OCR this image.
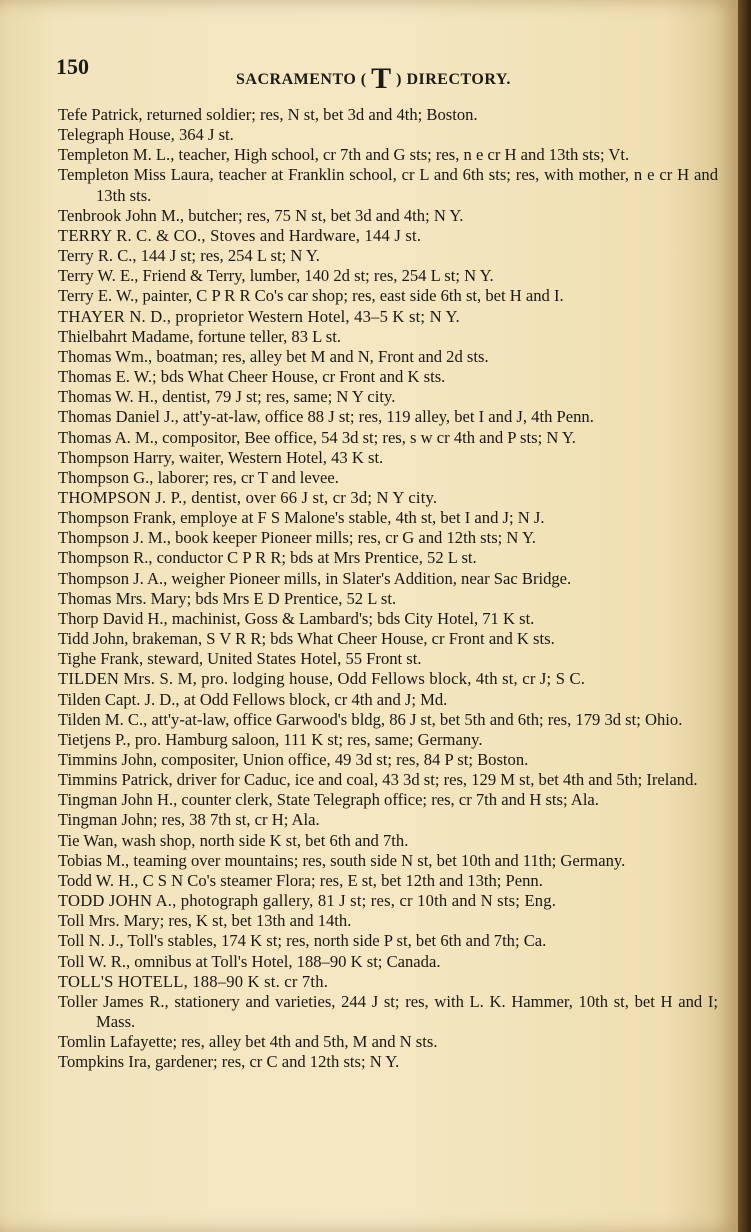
150
SACRAMENTO ( T ) DIRECTORY.
Tefe Patrick, returned soldier; res, N st, bet 3d and 4th; Boston.
Telegraph House, 364 J st.
Templeton M. L., teacher, High school, cr 7th and G sts; res, n e cr H and 13th sts; Vt.
Templeton Miss Laura, teacher at Franklin school, cr L and 6th sts; res, with mother, n e cr H and 13th sts.
Tenbrook John M., butcher; res, 75 N st, bet 3d and 4th; N Y.
TERRY R. C. & CO., Stoves and Hardware, 144 J st.
Terry R. C., 144 J st; res, 254 L st; N Y.
Terry W. E., Friend & Terry, lumber, 140 2d st; res, 254 L st; N Y.
Terry E. W., painter, C P R R Co's car shop; res, east side 6th st, bet H and I.
THAYER N. D., proprietor Western Hotel, 43–5 K st; N Y.
Thielbahrt Madame, fortune teller, 83 L st.
Thomas Wm., boatman; res, alley bet M and N, Front and 2d sts.
Thomas E. W.; bds What Cheer House, cr Front and K sts.
Thomas W. H., dentist, 79 J st; res, same; N Y city.
Thomas Daniel J., att'y-at-law, office 88 J st; res, 119 alley, bet I and J, 4th Penn.
Thomas A. M., compositor, Bee office, 54 3d st; res, s w cr 4th and P sts; N Y.
Thompson Harry, waiter, Western Hotel, 43 K st.
Thompson G., laborer; res, cr T and levee.
THOMPSON J. P., dentist, over 66 J st, cr 3d; N Y city.
Thompson Frank, employe at F S Malone's stable, 4th st, bet I and J; N J.
Thompson J. M., book keeper Pioneer mills; res, cr G and 12th sts; N Y.
Thompson R., conductor C P R R; bds at Mrs Prentice, 52 L st.
Thompson J. A., weigher Pioneer mills, in Slater's Addition, near Sac Bridge.
Thomas Mrs. Mary; bds Mrs E D Prentice, 52 L st.
Thorp David H., machinist, Goss & Lambard's; bds City Hotel, 71 K st.
Tidd John, brakeman, S V R R; bds What Cheer House, cr Front and K sts.
Tighe Frank, steward, United States Hotel, 55 Front st.
TILDEN Mrs. S. M, pro. lodging house, Odd Fellows block, 4th st, cr J; S C.
Tilden Capt. J. D., at Odd Fellows block, cr 4th and J; Md.
Tilden M. C., att'y-at-law, office Garwood's bldg, 86 J st, bet 5th and 6th; res, 179 3d st; Ohio.
Tietjens P., pro. Hamburg saloon, 111 K st; res, same; Germany.
Timmins John, compositer, Union office, 49 3d st; res, 84 P st; Boston.
Timmins Patrick, driver for Caduc, ice and coal, 43 3d st; res, 129 M st, bet 4th and 5th; Ireland.
Tingman John H., counter clerk, State Telegraph office; res, cr 7th and H sts; Ala.
Tingman John; res, 38 7th st, cr H; Ala.
Tie Wan, wash shop, north side K st, bet 6th and 7th.
Tobias M., teaming over mountains; res, south side N st, bet 10th and 11th; Germany.
Todd W. H., C S N Co's steamer Flora; res, E st, bet 12th and 13th; Penn.
TODD JOHN A., photograph gallery, 81 J st; res, cr 10th and N sts; Eng.
Toll Mrs. Mary; res, K st, bet 13th and 14th.
Toll N. J., Toll's stables, 174 K st; res, north side P st, bet 6th and 7th; Ca.
Toll W. R., omnibus at Toll's Hotel, 188–90 K st; Canada.
TOLL'S HOTELL, 188–90 K st. cr 7th.
Toller James R., stationery and varieties, 244 J st; res, with L. K. Hammer, 10th st, bet H and I; Mass.
Tomlin Lafayette; res, alley bet 4th and 5th, M and N sts.
Tompkins Ira, gardener; res, cr C and 12th sts; N Y.
